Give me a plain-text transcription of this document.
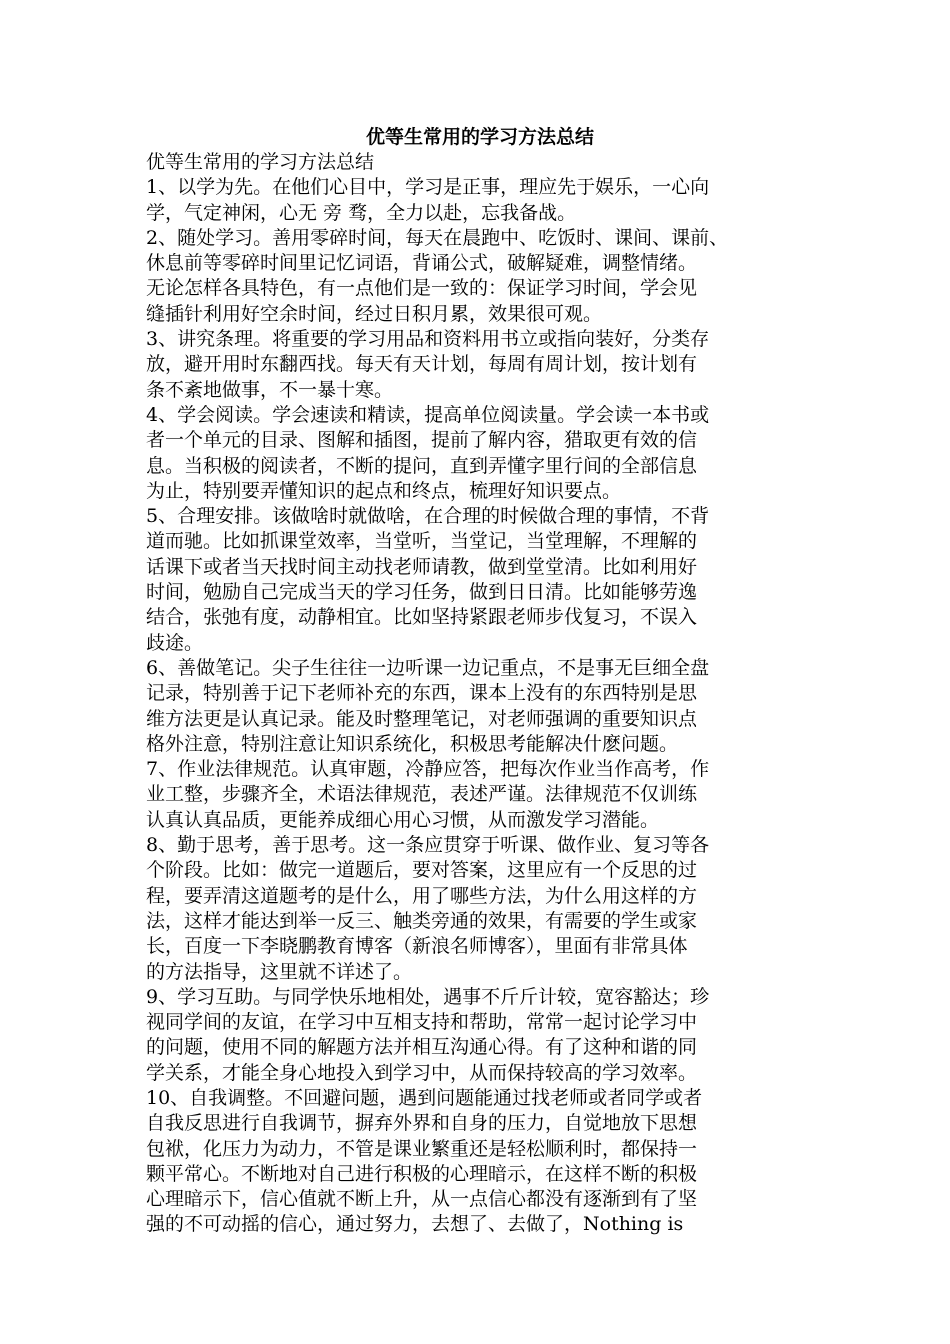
优等生常用的学习方法总结

优等生常用的学习方法总结

1、以学为先。在他们心目中，学习是正事，理应先于娱乐，一心向

学，气定神闲，心无 旁 骛，全力以赴，忘我备战。

2、随处学习。善用零碎时间，每天在晨跑中、吃饭时、课间、课前、

休息前等零碎时间里记忆词语，背诵公式，破解疑难，调整情绪。

无论怎样各具特色，有一点他们是一致的：保证学习时间，学会见

缝插针利用好空余时间，经过日积月累，效果很可观。

3、讲究条理。将重要的学习用品和资料用书立或指向装好，分类存

放，避开用时东翻西找。每天有天计划，每周有周计划，按计划有

条不紊地做事，不一暴十寒。

4、学会阅读。学会速读和精读，提高单位阅读量。学会读一本书或

者一个单元的目录、图解和插图，提前了解内容，猎取更有效的信

息。当积极的阅读者，不断的提问，直到弄懂字里行间的全部信息

为止，特别要弄懂知识的起点和终点，梳理好知识要点。

5、合理安排。该做啥时就做啥，在合理的时候做合理的事情，不背

道而驰。比如抓课堂效率，当堂听，当堂记，当堂理解，不理解的

话课下或者当天找时间主动找老师请教，做到堂堂清。比如利用好

时间，勉励自己完成当天的学习任务，做到日日清。比如能够劳逸

结合，张弛有度，动静相宜。比如坚持紧跟老师步伐复习，不误入

歧途。

6、善做笔记。尖子生往往一边听课一边记重点，不是事无巨细全盘

记录，特别善于记下老师补充的东西，课本上没有的东西特别是思

维方法更是认真记录。能及时整理笔记，对老师强调的重要知识点

格外注意，特别注意让知识系统化，积极思考能解决什麽问题。

7、作业法律规范。认真审题，冷静应答，把每次作业当作高考，作

业工整，步骤齐全，术语法律规范，表述严谨。法律规范不仅训练

认真认真品质，更能养成细心用心习惯，从而激发学习潜能。

8、勤于思考，善于思考。这一条应贯穿于听课、做作业、复习等各

个阶段。比如：做完一道题后，要对答案，这里应有一个反思的过

程，要弄清这道题考的是什么，用了哪些方法，为什么用这样的方

法，这样才能达到举一反三、触类旁通的效果，有需要的学生或家

长，百度一下李晓鹏教育博客（新浪名师博客），里面有非常具体

的方法指导，这里就不详述了。

9、学习互助。与同学快乐地相处，遇事不斤斤计较，宽容豁达；珍

视同学间的友谊，在学习中互相支持和帮助，常常一起讨论学习中

的问题，使用不同的解题方法并相互沟通心得。有了这种和谐的同

学关系，才能全身心地投入到学习中，从而保持较高的学习效率。

10、自我调整。不回避问题，遇到问题能通过找老师或者同学或者

自我反思进行自我调节，摒弃外界和自身的压力，自觉地放下思想

包袱，化压力为动力，不管是课业繁重还是轻松顺利时，都保持一

颗平常心。不断地对自己进行积极的心理暗示，在这样不断的积极

心理暗示下，信心值就不断上升，从一点信心都没有逐渐到有了坚

强的不可动摇的信心，通过努力，去想了、去做了，Nothing is
